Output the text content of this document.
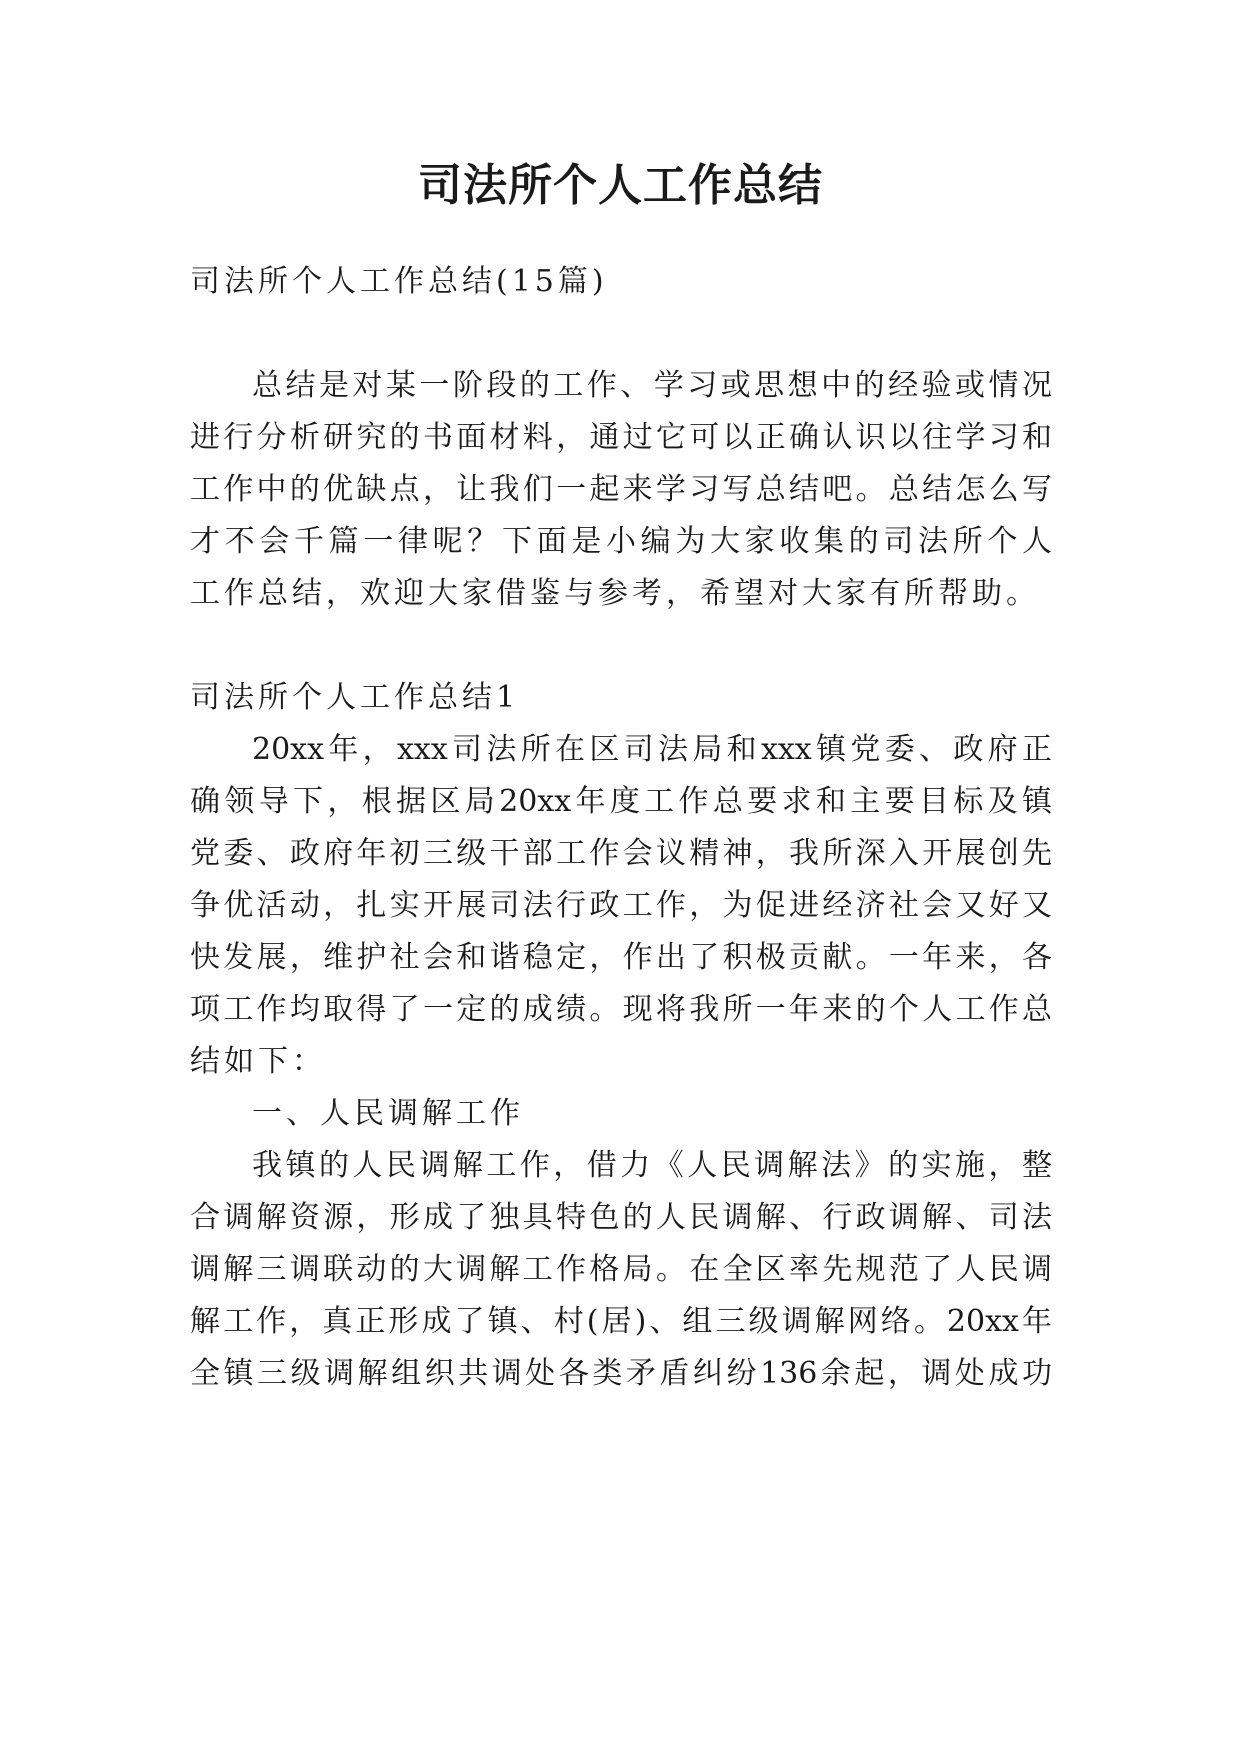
司法所个人工作总结
司法所个人工作总结(15篇)
总结是对某一阶段的工作、学习或思想中的经验或情况
进行分析研究的书面材料，通过它可以正确认识以往学习和
工作中的优缺点，让我们一起来学习写总结吧。总结怎么写
才不会千篇一律呢？下面是小编为大家收集的司法所个人
工作总结，欢迎大家借鉴与参考，希望对大家有所帮助。
司法所个人工作总结1
20xx年，xxx司法所在区司法局和xxx镇党委、政府正
确领导下，根据区局20xx年度工作总要求和主要目标及镇
党委、政府年初三级干部工作会议精神，我所深入开展创先
争优活动，扎实开展司法行政工作，为促进经济社会又好又
快发展，维护社会和谐稳定，作出了积极贡献。一年来，各
项工作均取得了一定的成绩。现将我所一年来的个人工作总
结如下：
一、人民调解工作
我镇的人民调解工作，借力《人民调解法》的实施，整
合调解资源，形成了独具特色的人民调解、行政调解、司法
调解三调联动的大调解工作格局。在全区率先规范了人民调
解工作，真正形成了镇、村(居)、组三级调解网络。20xx年
全镇三级调解组织共调处各类矛盾纠纷136余起，调处成功
